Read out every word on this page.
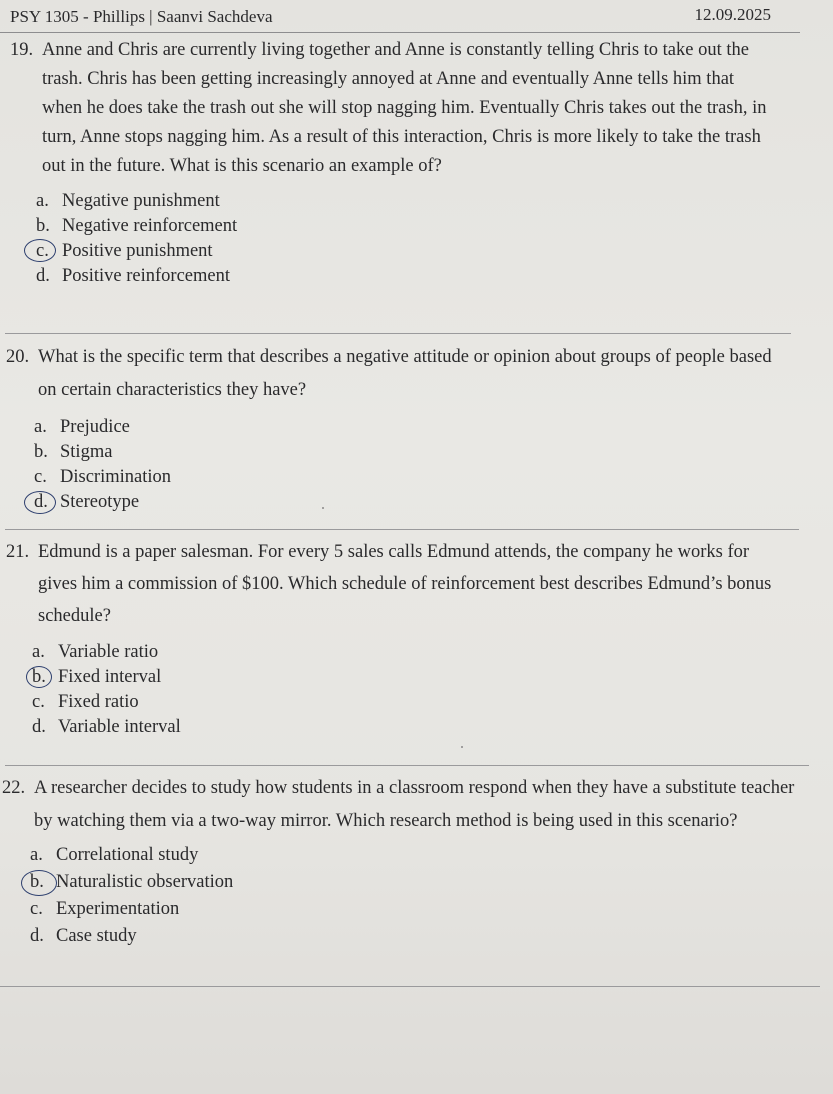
PSY 1305 - Phillips | Saanvi Sachdeva	12.09.2025
19. Anne and Chris are currently living together and Anne is constantly telling Chris to take out the trash. Chris has been getting increasingly annoyed at Anne and eventually Anne tells him that when he does take the trash out she will stop nagging him. Eventually Chris takes out the trash, in turn, Anne stops nagging him. As a result of this interaction, Chris is more likely to take the trash out in the future. What is this scenario an example of?
a. Negative punishment
b. Negative reinforcement
c. Positive punishment
d. Positive reinforcement
20. What is the specific term that describes a negative attitude or opinion about groups of people based on certain characteristics they have?
a. Prejudice
b. Stigma
c. Discrimination
d. Stereotype
21. Edmund is a paper salesman. For every 5 sales calls Edmund attends, the company he works for gives him a commission of $100. Which schedule of reinforcement best describes Edmund’s bonus schedule?
a. Variable ratio
b. Fixed interval
c. Fixed ratio
d. Variable interval
22. A researcher decides to study how students in a classroom respond when they have a substitute teacher by watching them via a two-way mirror. Which research method is being used in this scenario?
a. Correlational study
b. Naturalistic observation
c. Experimentation
d. Case study
